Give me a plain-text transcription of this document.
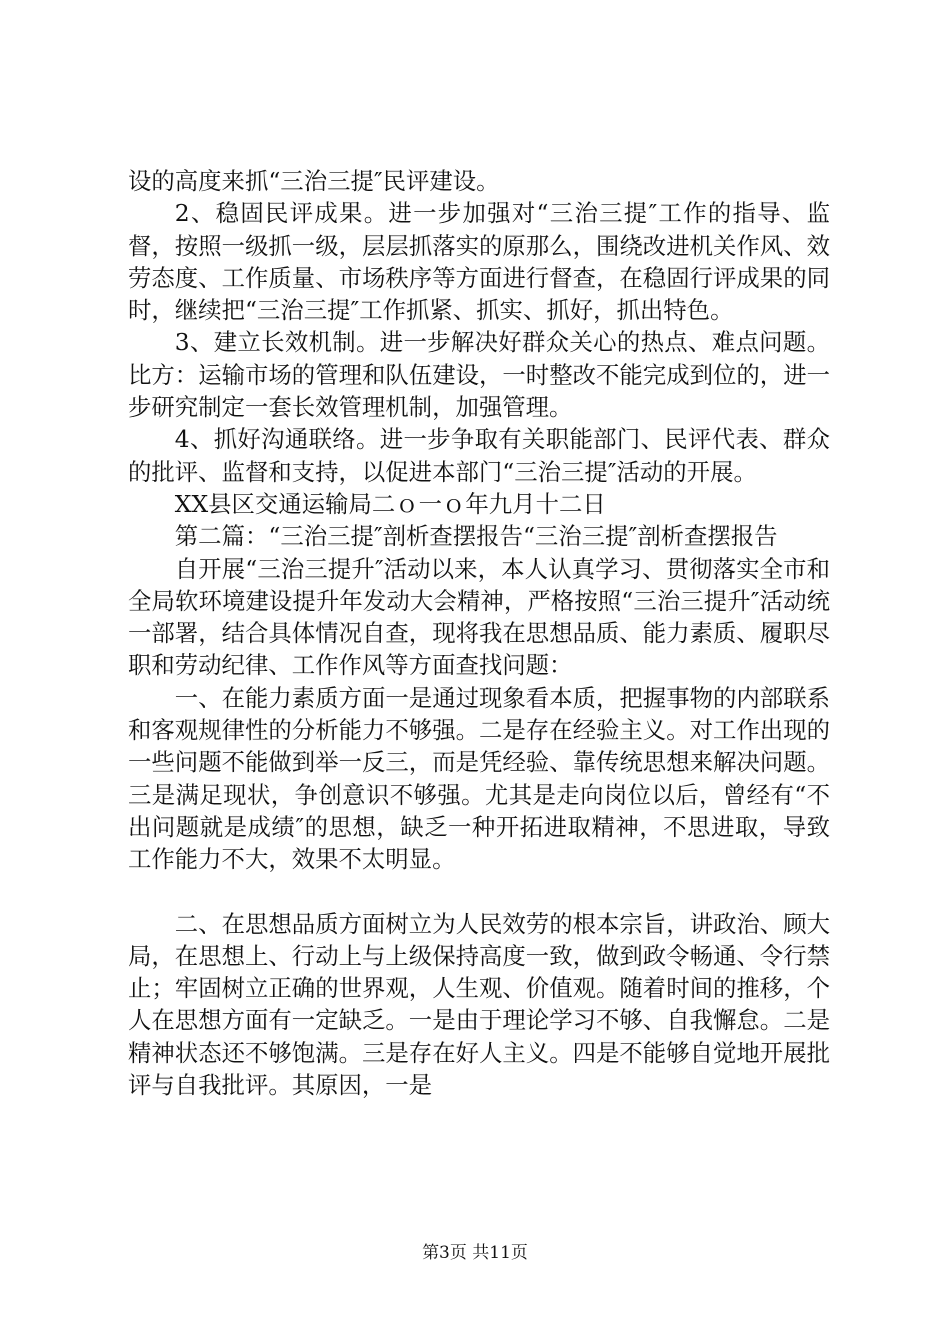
设的高度来抓“三治三提″民评建设。

2、稳固民评成果。进一步加强对“三治三提″工作的指导、监督，按照一级抓一级，层层抓落实的原那么，围绕改进机关作风、效劳态度、工作质量、市场秩序等方面进行督查，在稳固行评成果的同时，继续把“三治三提″工作抓紧、抓实、抓好，抓出特色。

3、建立长效机制。进一步解决好群众关心的热点、难点问题。比方：运输市场的管理和队伍建设，一时整改不能完成到位的，进一步研究制定一套长效管理机制，加强管理。

4、抓好沟通联络。进一步争取有关职能部门、民评代表、群众的批评、监督和支持，以促进本部门“三治三提″活动的开展。

XX县区交通运输局二ｏ一ｏ年九月十二日

第二篇：“三治三提″剖析查摆报告“三治三提″剖析查摆报告

自开展“三治三提升″活动以来，本人认真学习、贯彻落实全市和全局软环境建设提升年发动大会精神，严格按照“三治三提升″活动统一部署，结合具体情况自查，现将我在思想品质、能力素质、履职尽职和劳动纪律、工作作风等方面查找问题：

一、在能力素质方面一是通过现象看本质，把握事物的内部联系和客观规律性的分析能力不够强。二是存在经验主义。对工作出现的一些问题不能做到举一反三，而是凭经验、靠传统思想来解决问题。三是满足现状，争创意识不够强。尤其是走向岗位以后，曾经有“不出问题就是成绩″的思想，缺乏一种开拓进取精神，不思进取，导致工作能力不大，效果不太明显。

二、在思想品质方面树立为人民效劳的根本宗旨，讲政治、顾大局，在思想上、行动上与上级保持高度一致，做到政令畅通、令行禁止；牢固树立正确的世界观，人生观、价值观。随着时间的推移，个人在思想方面有一定缺乏。一是由于理论学习不够、自我懈怠。二是精神状态还不够饱满。三是存在好人主义。四是不能够自觉地开展批评与自我批评。其原因，一是

第3页 共11页
